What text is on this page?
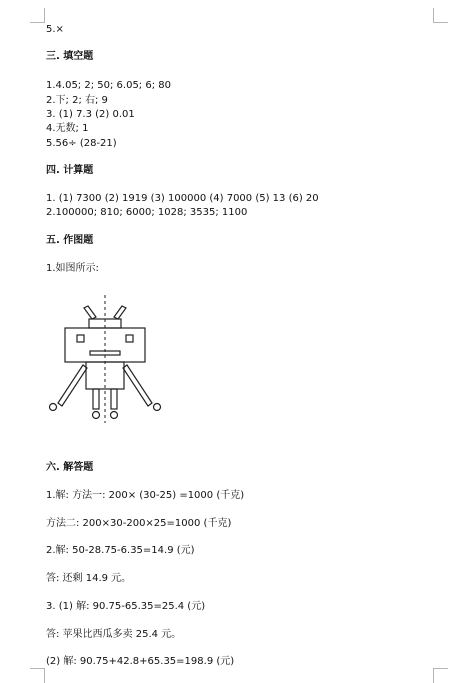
5.×
三. 填空题
1.4.05; 2; 50; 6.05; 6; 80
2.下; 2; 右; 9
3. (1) 7.3 (2) 0.01
4.无数; 1
5.56÷ (28-21)
四. 计算题
1. (1) 7300 (2) 1919 (3) 100000 (4) 7000 (5) 13 (6) 20
2.100000; 810; 6000; 1028; 3535; 1100
五. 作图题
1.如图所示:
六. 解答题
1.解: 方法一: 200× (30-25) =1000 (千克)
方法二: 200×30-200×25=1000 (千克)
2.解: 50-28.75-6.35=14.9 (元)
答: 还剩 14.9 元。
3. (1) 解: 90.75-65.35=25.4 (元)
答: 苹果比西瓜多卖 25.4 元。
(2) 解: 90.75+42.8+65.35=198.9 (元)
